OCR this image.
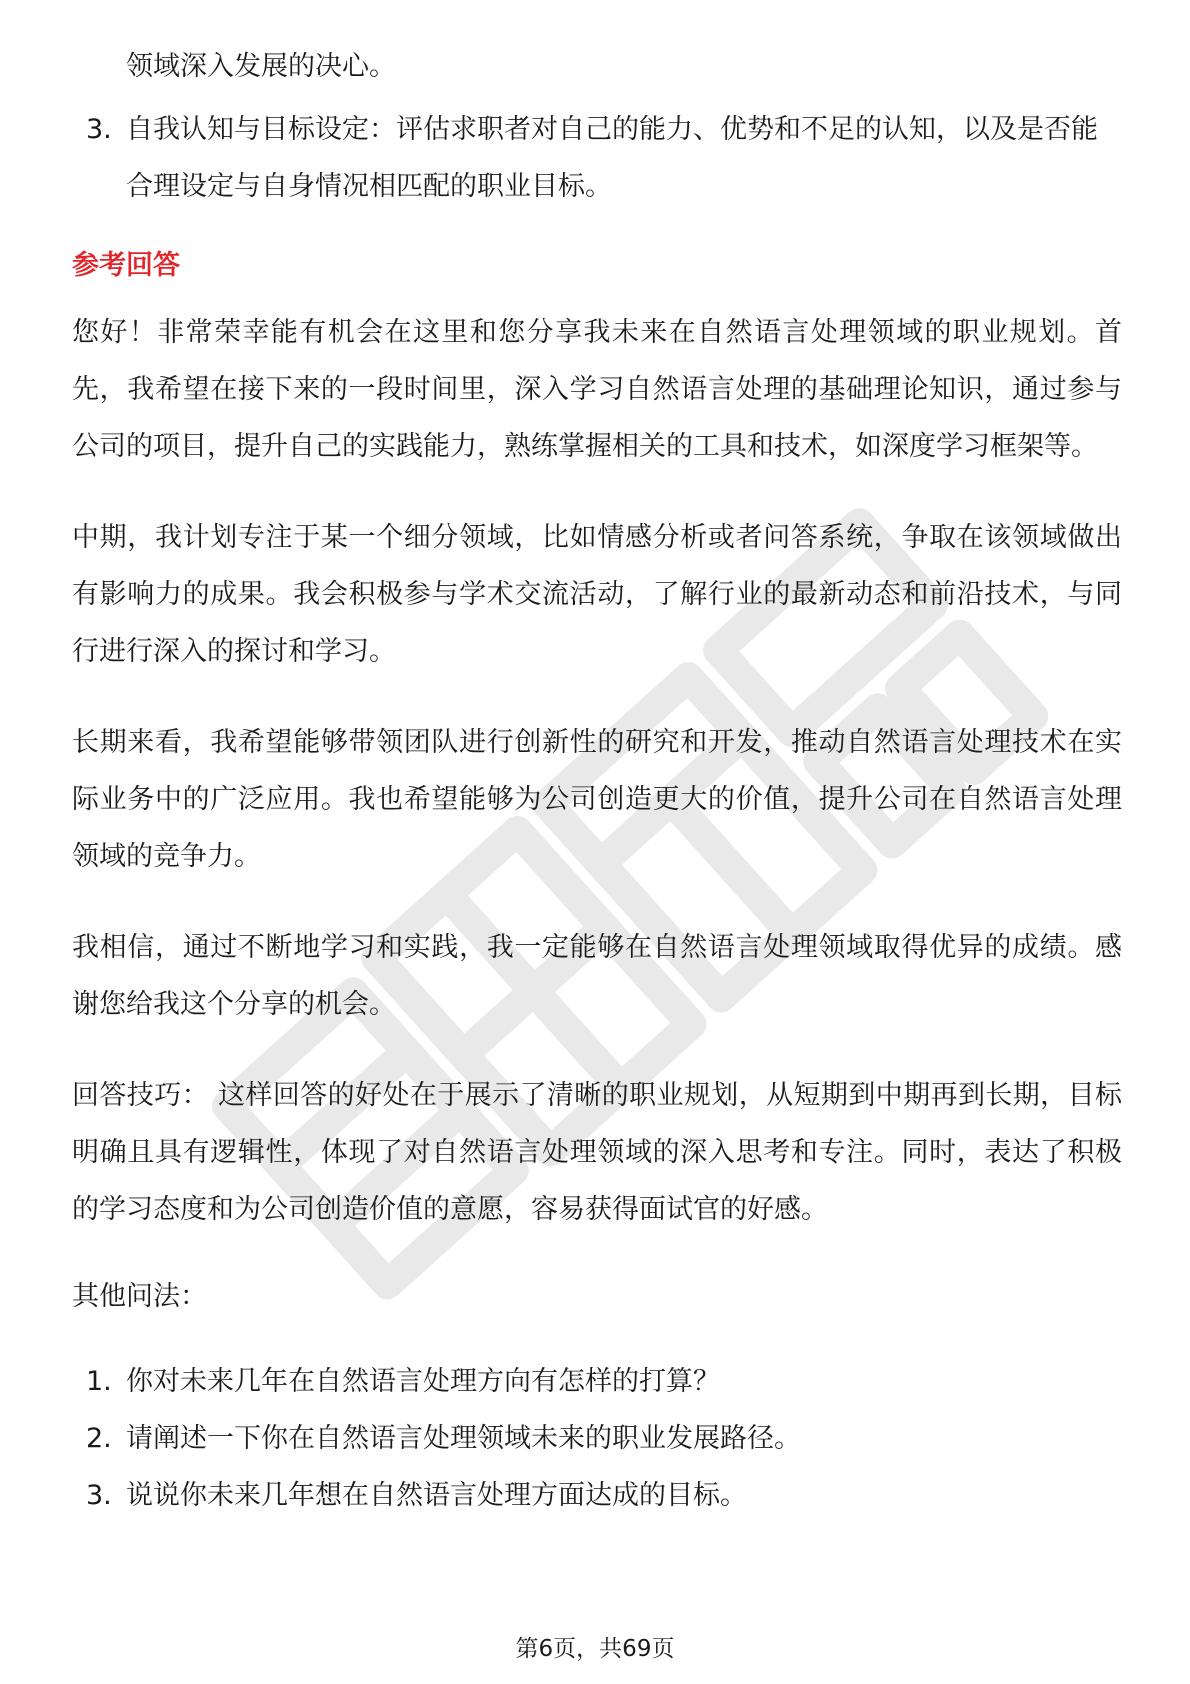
领域深入发展的决心。

3. 自我认知与目标设定：评估求职者对自己的能力、优势和不足的认知，以及是否能合理设定与自身情况相匹配的职业目标。

参考回答

您好！非常荣幸能有机会在这里和您分享我未来在自然语言处理领域的职业规划。首先，我希望在接下来的一段时间里，深入学习自然语言处理的基础理论知识，通过参与公司的项目，提升自己的实践能力，熟练掌握相关的工具和技术，如深度学习框架等。

中期，我计划专注于某一个细分领域，比如情感分析或者问答系统，争取在该领域做出有影响力的成果。我会积极参与学术交流活动，了解行业的最新动态和前沿技术，与同行进行深入的探讨和学习。

长期来看，我希望能够带领团队进行创新性的研究和开发，推动自然语言处理技术在实际业务中的广泛应用。我也希望能够为公司创造更大的价值，提升公司在自然语言处理领域的竞争力。

我相信，通过不断地学习和实践，我一定能够在自然语言处理领域取得优异的成绩。感谢您给我这个分享的机会。

回答技巧： 这样回答的好处在于展示了清晰的职业规划，从短期到中期再到长期，目标明确且具有逻辑性，体现了对自然语言处理领域的深入思考和专注。同时，表达了积极的学习态度和为公司创造价值的意愿，容易获得面试官的好感。

其他问法：

1. 你对未来几年在自然语言处理方向有怎样的打算？

2. 请阐述一下你在自然语言处理领域未来的职业发展路径。

3. 说说你未来几年想在自然语言处理方面达成的目标。

第6页，共69页
